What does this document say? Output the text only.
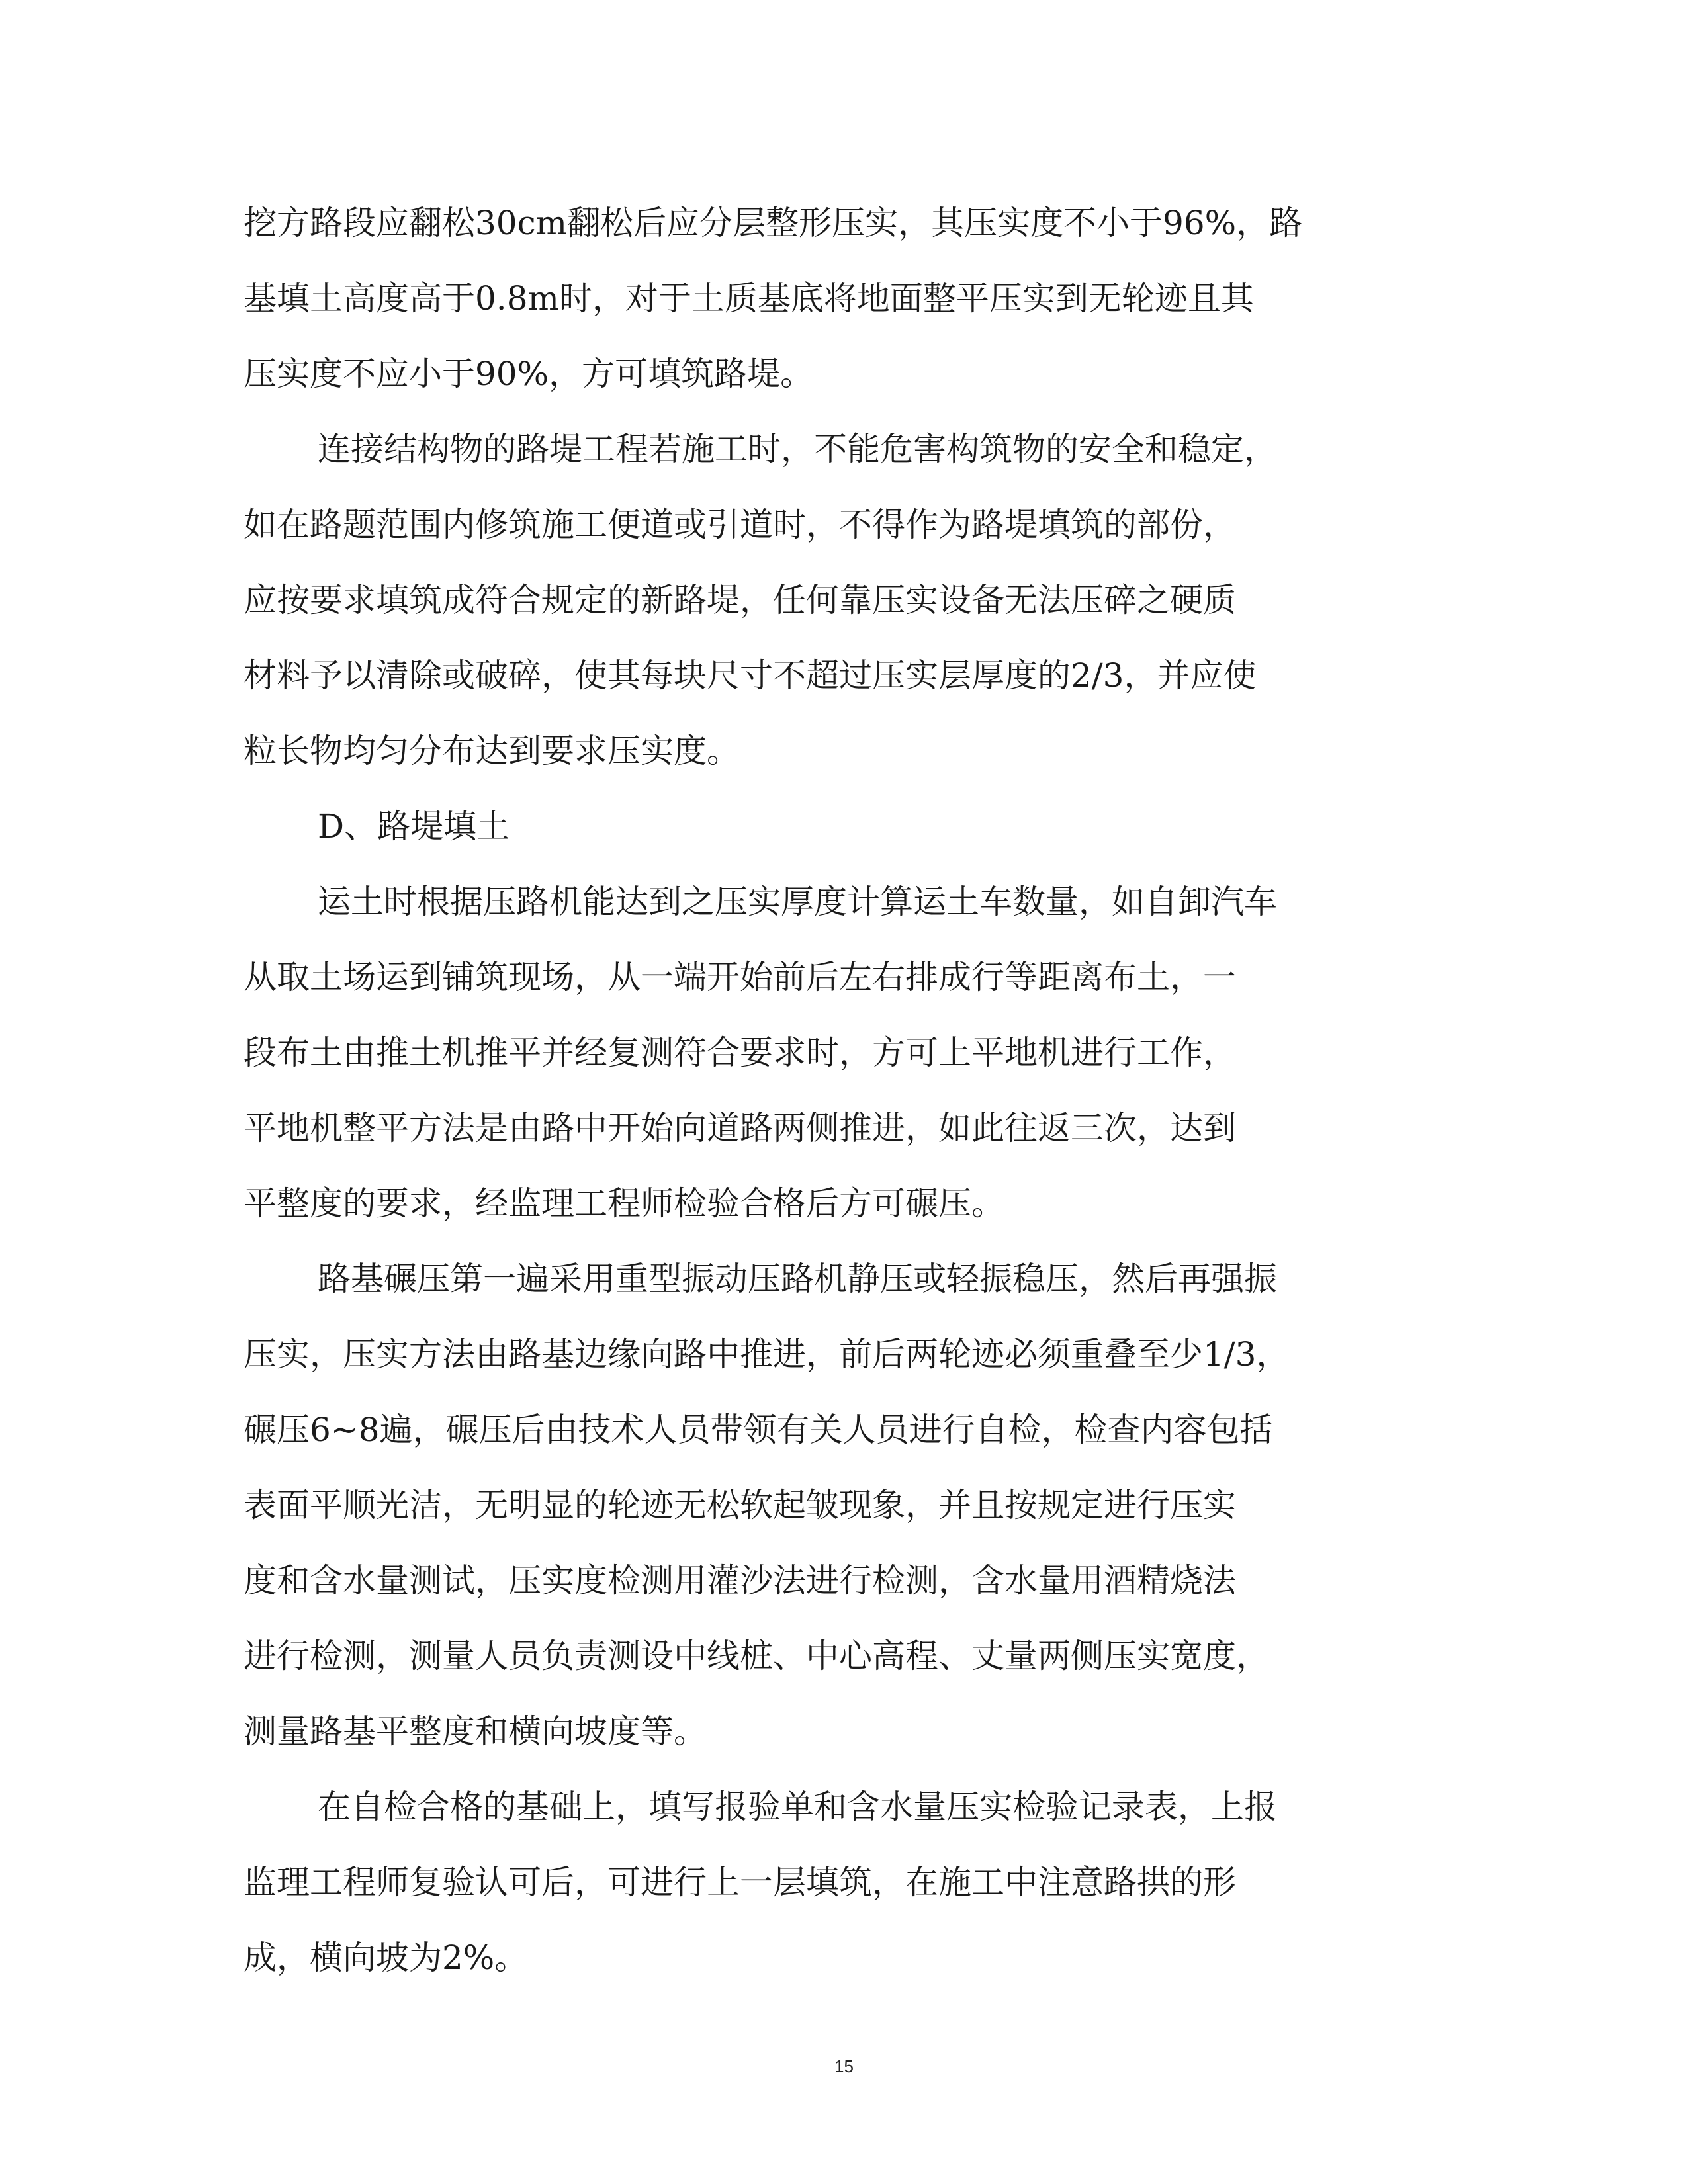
挖方路段应翻松30cm翻松后应分层整形压实，其压实度不小于96%，路
基填土高度高于0.8m时，对于土质基底将地面整平压实到无轮迹且其
压实度不应小于90%，方可填筑路堤。

连接结构物的路堤工程若施工时，不能危害构筑物的安全和稳定，
如在路题范围内修筑施工便道或引道时，不得作为路堤填筑的部份，
应按要求填筑成符合规定的新路堤，任何靠压实设备无法压碎之硬质
材料予以清除或破碎，使其每块尺寸不超过压实层厚度的2/3，并应使
粒长物均匀分布达到要求压实度。

D、路堤填土

运土时根据压路机能达到之压实厚度计算运土车数量，如自卸汽车
从取土场运到铺筑现场，从一端开始前后左右排成行等距离布土，一
段布土由推土机推平并经复测符合要求时，方可上平地机进行工作，
平地机整平方法是由路中开始向道路两侧推进，如此往返三次，达到
平整度的要求，经监理工程师检验合格后方可碾压。

路基碾压第一遍采用重型振动压路机静压或轻振稳压，然后再强振
压实，压实方法由路基边缘向路中推进，前后两轮迹必须重叠至少1/3，
碾压6~8遍，碾压后由技术人员带领有关人员进行自检，检查内容包括
表面平顺光洁，无明显的轮迹无松软起皱现象，并且按规定进行压实
度和含水量测试，压实度检测用灌沙法进行检测，含水量用酒精烧法
进行检测，测量人员负责测设中线桩、中心高程、丈量两侧压实宽度，
测量路基平整度和横向坡度等。

在自检合格的基础上，填写报验单和含水量压实检验记录表，上报
监理工程师复验认可后，可进行上一层填筑，在施工中注意路拱的形
成，横向坡为2%。

15
